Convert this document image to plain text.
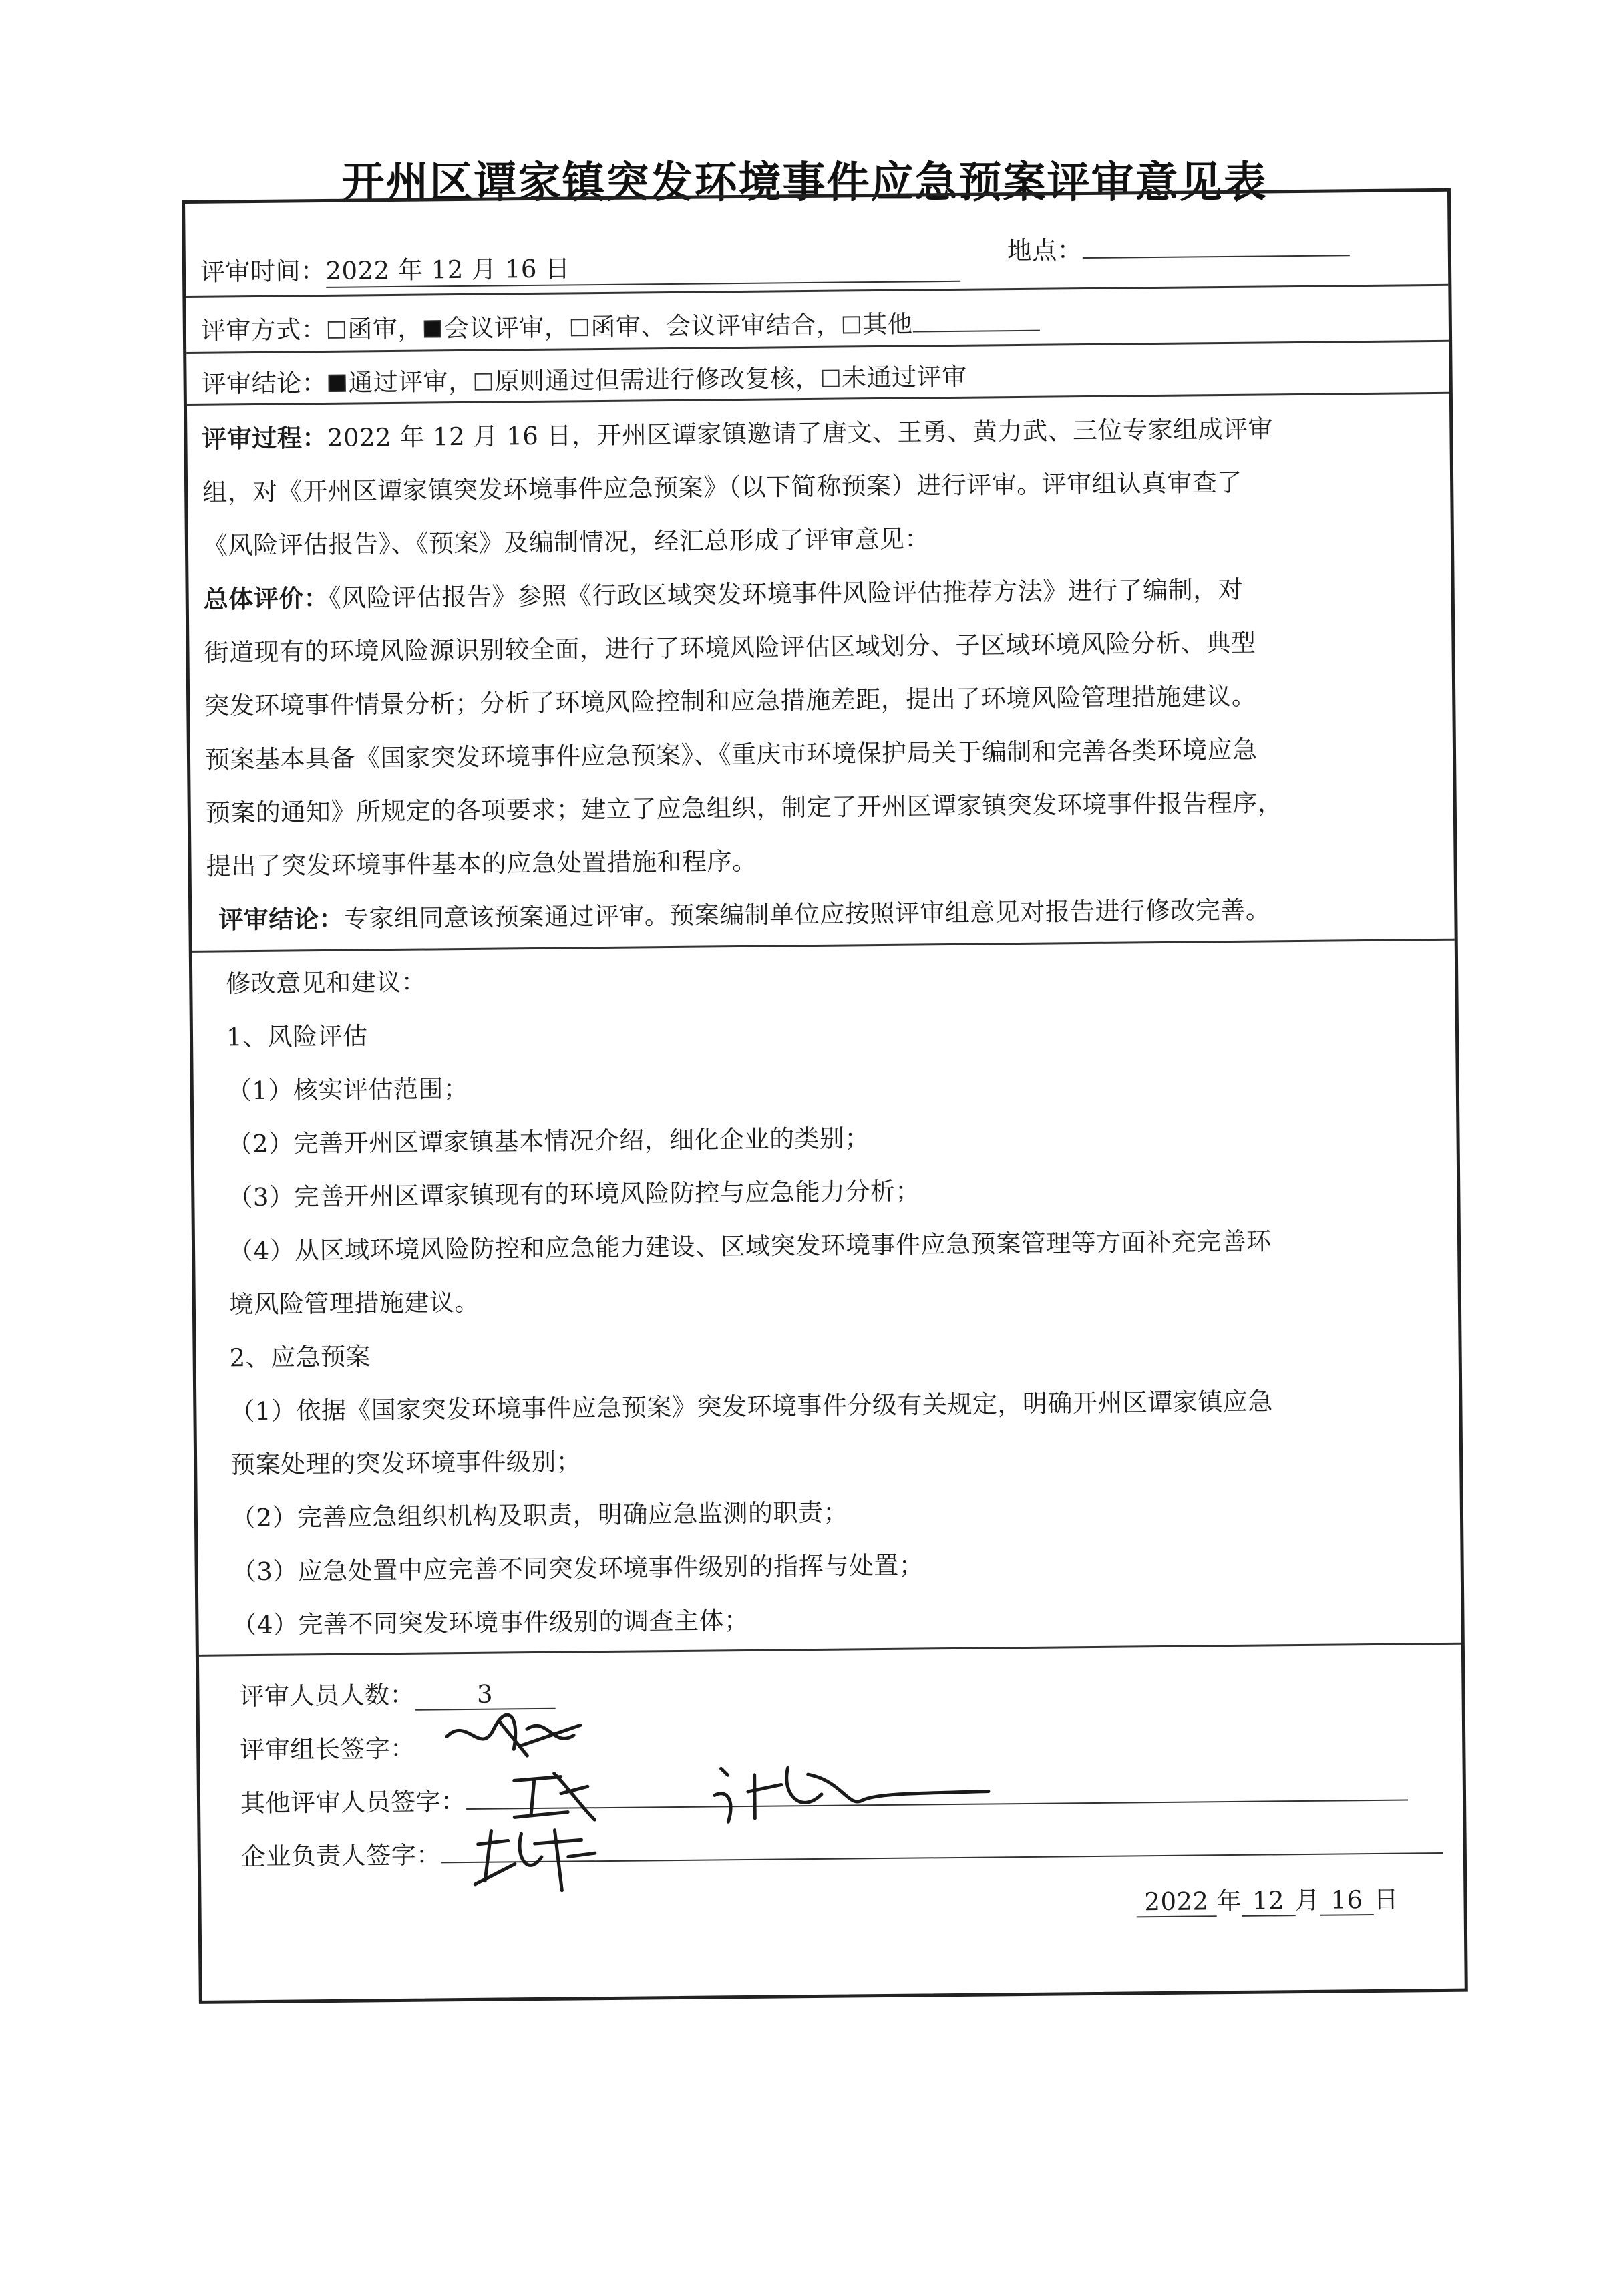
开州区谭家镇突发环境事件应急预案评审意见表
评审时间：2022 年 12 月 16 日
地点：
评审方式： 函审， 会议评审， 函审、会议评审结合， 其他
评审结论： 通过评审， 原则通过但需进行修改复核， 未通过评审
评审过程：2022 年 12 月 16 日，开州区谭家镇邀请了唐文、王勇、黄力武、三位专家组成评审
组，对《开州区谭家镇突发环境事件应急预案》（以下简称预案）进行评审。评审组认真审查了
《风险评估报告》、《预案》及编制情况，经汇总形成了评审意见：
总体评价：《风险评估报告》参照《行政区域突发环境事件风险评估推荐方法》进行了编制，对
街道现有的环境风险源识别较全面，进行了环境风险评估区域划分、子区域环境风险分析、典型
突发环境事件情景分析；分析了环境风险控制和应急措施差距，提出了环境风险管理措施建议。
预案基本具备《国家突发环境事件应急预案》、《重庆市环境保护局关于编制和完善各类环境应急
预案的通知》所规定的各项要求；建立了应急组织，制定了开州区谭家镇突发环境事件报告程序，
提出了突发环境事件基本的应急处置措施和程序。
评审结论：专家组同意该预案通过评审。预案编制单位应按照评审组意见对报告进行修改完善。
修改意见和建议：
1、风险评估
（1）核实评估范围；
（2）完善开州区谭家镇基本情况介绍，细化企业的类别；
（3）完善开州区谭家镇现有的环境风险防控与应急能力分析；
（4）从区域环境风险防控和应急能力建设、区域突发环境事件应急预案管理等方面补充完善环
境风险管理措施建议。
2、应急预案
（1）依据《国家突发环境事件应急预案》突发环境事件分级有关规定，明确开州区谭家镇应急
预案处理的突发环境事件级别；
（2）完善应急组织机构及职责，明确应急监测的职责；
（3）应急处置中应完善不同突发环境事件级别的指挥与处置；
（4）完善不同突发环境事件级别的调查主体；
评审人员人数：	3
评审组长签字：
其他评审人员签字：
企业负责人签字：
2022 年 12 月 16 日
